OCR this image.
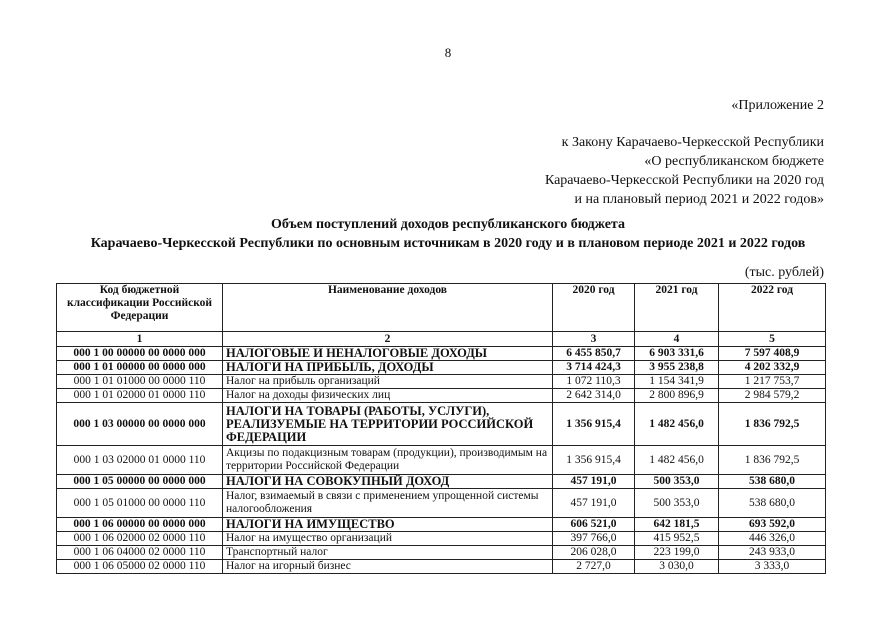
8
«Приложение 2
к Закону Карачаево-Черкесской Республики
«О республиканском бюджете
Карачаево-Черкесской Республики на 2020 год
и на плановый период 2021 и 2022 годов»
Объем поступлений доходов республиканского бюджета
Карачаево-Черкесской Республики по основным источникам в 2020 году и в плановом периоде 2021 и 2022 годов
(тыс. рублей)
Код бюджетной классификации Российской Федерации	Наименование доходов	2020 год	2021 год	2022 год
1	2	3	4	5
000 1 00 00000 00 0000 000	НАЛОГОВЫЕ И НЕНАЛОГОВЫЕ ДОХОДЫ	6 455 850,7	6 903 331,6	7 597 408,9
000 1 01 00000 00 0000 000	НАЛОГИ НА ПРИБЫЛЬ, ДОХОДЫ	3 714 424,3	3 955 238,8	4 202 332,9
000 1 01 01000 00 0000 110	Налог на прибыль организаций	1 072 110,3	1 154 341,9	1 217 753,7
000 1 01 02000 01 0000 110	Налог на доходы физических лиц	2 642 314,0	2 800 896,9	2 984 579,2
000 1 03 00000 00 0000 000	НАЛОГИ НА ТОВАРЫ (РАБОТЫ, УСЛУГИ), РЕАЛИЗУЕМЫЕ НА ТЕРРИТОРИИ РОССИЙСКОЙ ФЕДЕРАЦИИ	1 356 915,4	1 482 456,0	1 836 792,5
000 1 03 02000 01 0000 110	Акцизы по подакцизным товарам (продукции), производимым на территории Российской Федерации	1 356 915,4	1 482 456,0	1 836 792,5
000 1 05 00000 00 0000 000	НАЛОГИ НА СОВОКУПНЫЙ ДОХОД	457 191,0	500 353,0	538 680,0
000 1 05 01000 00 0000 110	Налог, взимаемый в связи с применением упрощенной системы налогообложения	457 191,0	500 353,0	538 680,0
000 1 06 00000 00 0000 000	НАЛОГИ НА ИМУЩЕСТВО	606 521,0	642 181,5	693 592,0
000 1 06 02000 02 0000 110	Налог на имущество организаций	397 766,0	415 952,5	446 326,0
000 1 06 04000 02 0000 110	Транспортный налог	206 028,0	223 199,0	243 933,0
000 1 06 05000 02 0000 110	Налог на игорный бизнес	2 727,0	3 030,0	3 333,0
